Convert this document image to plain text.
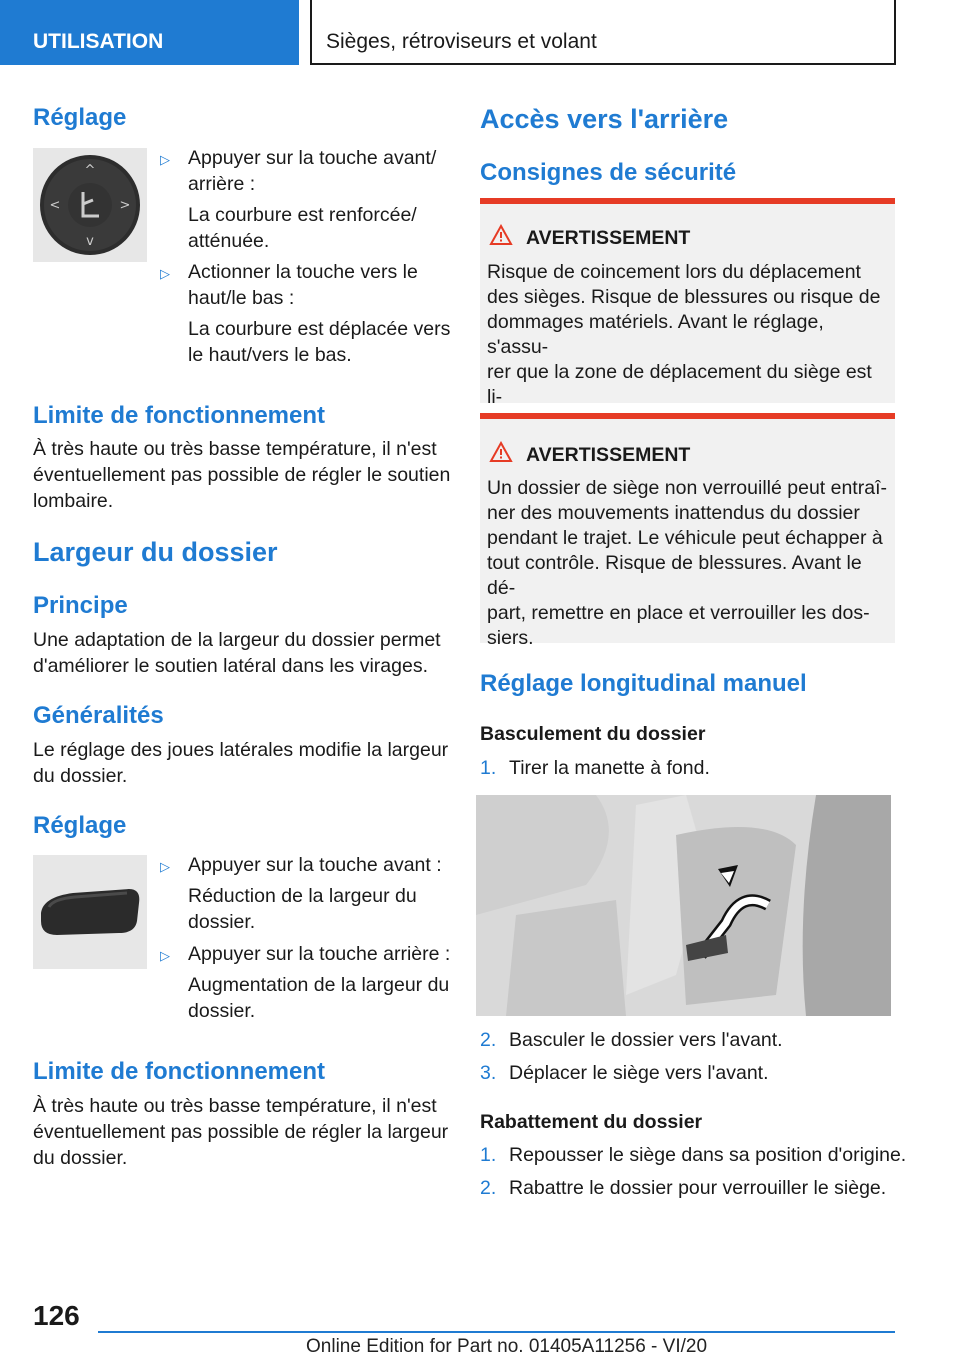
UTILISATION	Sièges, rétroviseurs et volant
Réglage
^
v
<	>
▷ Appuyer sur la touche avant/
arrière :
La courbure est renforcée/
atténuée.
▷ Actionner la touche vers le
haut/le bas :
La courbure est déplacée vers
le haut/vers le bas.
Limite de fonctionnement

À très haute ou très basse température, il n'est
éventuellement pas possible de régler le soutien
lombaire.

Largeur du dossier
Principe

Une adaptation de la largeur du dossier permet
d'améliorer le soutien latéral dans les virages.

Généralités

Le réglage des joues latérales modifie la largeur
du dossier.

Réglage
▷ Appuyer sur la touche avant :
Réduction de la largeur du
dossier.
▷ Appuyer sur la touche arrière :
Augmentation de la largeur du
dossier.
Limite de fonctionnement

À très haute ou très basse température, il n'est
éventuellement pas possible de régler la largeur
du dossier.

Accès vers l'arrière
Consignes de sécurité
AVERTISSEMENT
Risque de coincement lors du déplacement
des sièges. Risque de blessures ou risque de
dommages matériels. Avant le réglage, s'assu-
rer que la zone de déplacement du siège est li-

AVERTISSEMENT
Un dossier de siège non verrouillé peut entraî-
ner des mouvements inattendus du dossier
pendant le trajet. Le véhicule peut échapper à
tout contrôle. Risque de blessures. Avant le dé-
part, remettre en place et verrouiller les dos-
siers.
Réglage longitudinal manuel
Basculement du dossier
1. Tirer la manette à fond.
2. Basculer le dossier vers l'avant.
3. Déplacer le siège vers l'avant.
Rabattement du dossier
1. Repousser le siège dans sa position d'origine.
2. Rabattre le dossier pour verrouiller le siège.
126
Online Edition for Part no. 01405A11256 - VI/20
